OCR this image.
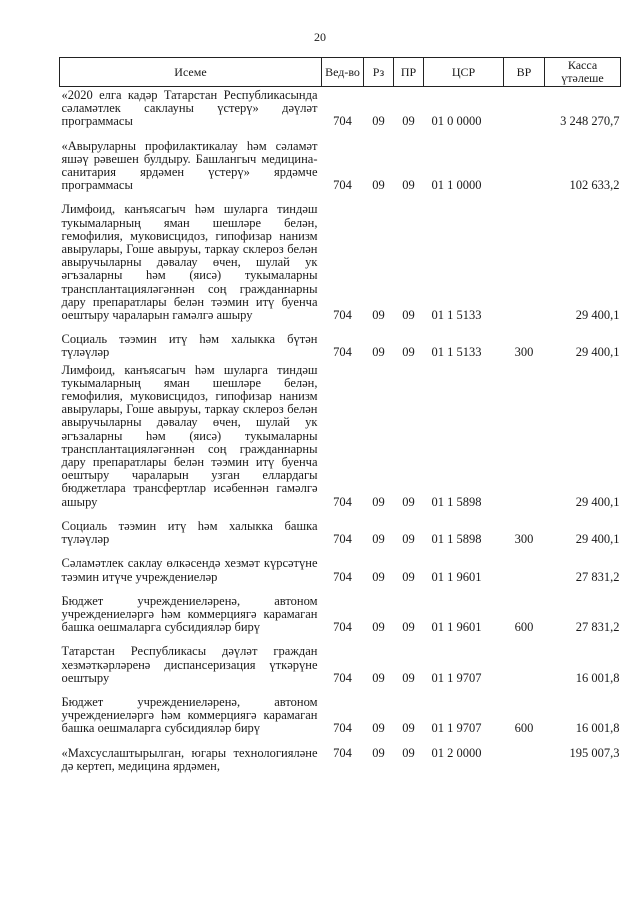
20
Исеме	Вед-во	Рз	ПР	ЦСР	ВР	Касса үтәлеше
«2020 елга кадәр Татарстан Республикасында сәламәтлек саклауны үстерү» дәүләт программасы	704	09	09	01 0 0000		3 248 270,7
«Авыруларны профилактикалау һәм сәламәт яшәү рәвешен булдыру. Башлангыч медицина-санитария ярдәмен үстерү» ярдәмче программасы	704	09	09	01 1 0000		102 633,2
Лимфоид, канъясагыч һәм шуларга тиндәш тукымаларның яман шешләре белән, гемофилия, муковисцидоз, гипофизар нанизм авырулары, Гоше авыруы, таркау склероз белән авыручыларны дәвалау өчен, шулай ук әгъзаларны һәм (яисә) тукымаларны трансплантацияләгәннән соң гражданнарны дару препаратлары белән тәэмин итү буенча оештыру чараларын гамәлгә ашыру	704	09	09	01 1 5133		29 400,1
Социаль тәэмин итү һәм халыкка бүтән түләүләр	704	09	09	01 1 5133	300	29 400,1
Лимфоид, канъясагыч һәм шуларга тиндәш тукымаларның яман шешләре белән, гемофилия, муковисцидоз, гипофизар нанизм авырулары, Гоше авыруы, таркау склероз белән авыручыларны дәвалау өчен, шулай ук әгъзаларны һәм (яисә) тукымаларны трансплантацияләгәннән соң гражданнарны дару препаратлары белән тәэмин итү буенча оештыру чараларын узган еллардагы бюджетлара трансфертлар исәбеннән гамәлгә ашыру	704	09	09	01 1 5898		29 400,1
Социаль тәэмин итү һәм халыкка башка түләүләр	704	09	09	01 1 5898	300	29 400,1
Сәламәтлек саклау өлкәсендә хезмәт күрсәтүне тәэмин итүче учреждениеләр	704	09	09	01 1 9601		27 831,2
Бюджет учреждениеләренә, автоном учреждениеләргә һәм коммерциягә карамаган башка оешмаларга субсидияләр бирү	704	09	09	01 1 9601	600	27 831,2
Татарстан Республикасы дәүләт граждан хезмәткәрләренә диспансеризация үткәрүне оештыру	704	09	09	01 1 9707		16 001,8
Бюджет учреждениеләренә, автоном учреждениеләргә һәм коммерциягә карамаган башка оешмаларга субсидияләр бирү	704	09	09	01 1 9707	600	16 001,8
«Махсуслаштырылган, югары технологияләне дә кертеп, медицина ярдәмен,	704	09	09	01 2 0000		195 007,3
